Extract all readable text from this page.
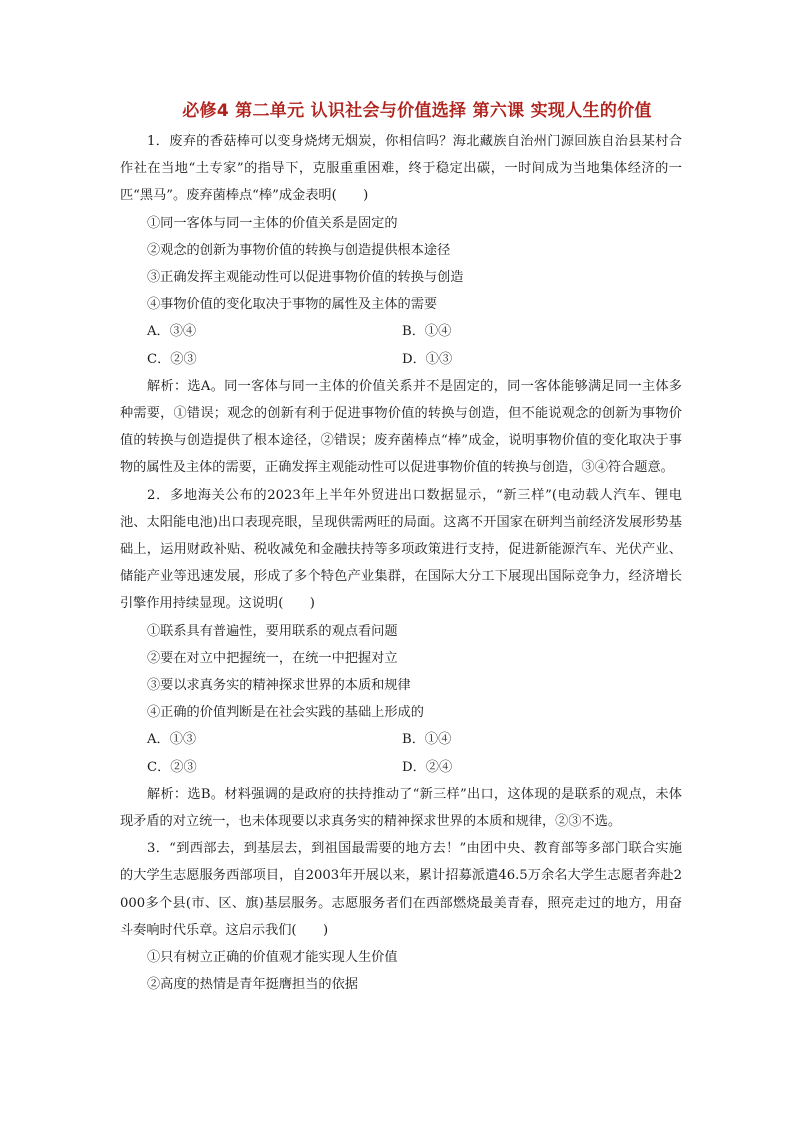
必修4 第二单元 认识社会与价值选择 第六课 实现人生的价值

1．废弃的香菇棒可以变身烧烤无烟炭，你相信吗？海北藏族自治州门源回族自治县某村合作社在当地“土专家”的指导下，克服重重困难，终于稳定出碳，一时间成为当地集体经济的一匹“黑马”。废弃菌棒点“棒”成金表明(　　)

①同一客体与同一主体的价值关系是固定的

②观念的创新为事物价值的转换与创造提供根本途径

③正确发挥主观能动性可以促进事物价值的转换与创造

④事物价值的变化取决于事物的属性及主体的需要

A．③④	B．①④
C．②③	D．①③

解析：选A。同一客体与同一主体的价值关系并不是固定的，同一客体能够满足同一主体多种需要，①错误；观念的创新有利于促进事物价值的转换与创造，但不能说观念的创新为事物价值的转换与创造提供了根本途径，②错误；废弃菌棒点“棒”成金，说明事物价值的变化取决于事物的属性及主体的需要，正确发挥主观能动性可以促进事物价值的转换与创造，③④符合题意。

2．多地海关公布的2023年上半年外贸进出口数据显示，“新三样”(电动载人汽车、锂电池、太阳能电池)出口表现亮眼，呈现供需两旺的局面。这离不开国家在研判当前经济发展形势基础上，运用财政补贴、税收减免和金融扶持等多项政策进行支持，促进新能源汽车、光伏产业、储能产业等迅速发展，形成了多个特色产业集群，在国际大分工下展现出国际竞争力，经济增长引擎作用持续显现。这说明(　　)

①联系具有普遍性，要用联系的观点看问题

②要在对立中把握统一，在统一中把握对立

③要以求真务实的精神探求世界的本质和规律

④正确的价值判断是在社会实践的基础上形成的

A．①③	B．①④
C．②③	D．②④

解析：选B。材料强调的是政府的扶持推动了“新三样”出口，这体现的是联系的观点，未体现矛盾的对立统一，也未体现要以求真务实的精神探求世界的本质和规律，②③不选。

3．“到西部去，到基层去，到祖国最需要的地方去！”由团中央、教育部等多部门联合实施的大学生志愿服务西部项目，自2003年开展以来，累计招募派遣46.5万余名大学生志愿者奔赴2 000多个县(市、区、旗)基层服务。志愿服务者们在西部燃烧最美青春，照亮走过的地方，用奋斗奏响时代乐章。这启示我们(　　)

①只有树立正确的价值观才能实现人生价值

②高度的热情是青年挺膺担当的依据
